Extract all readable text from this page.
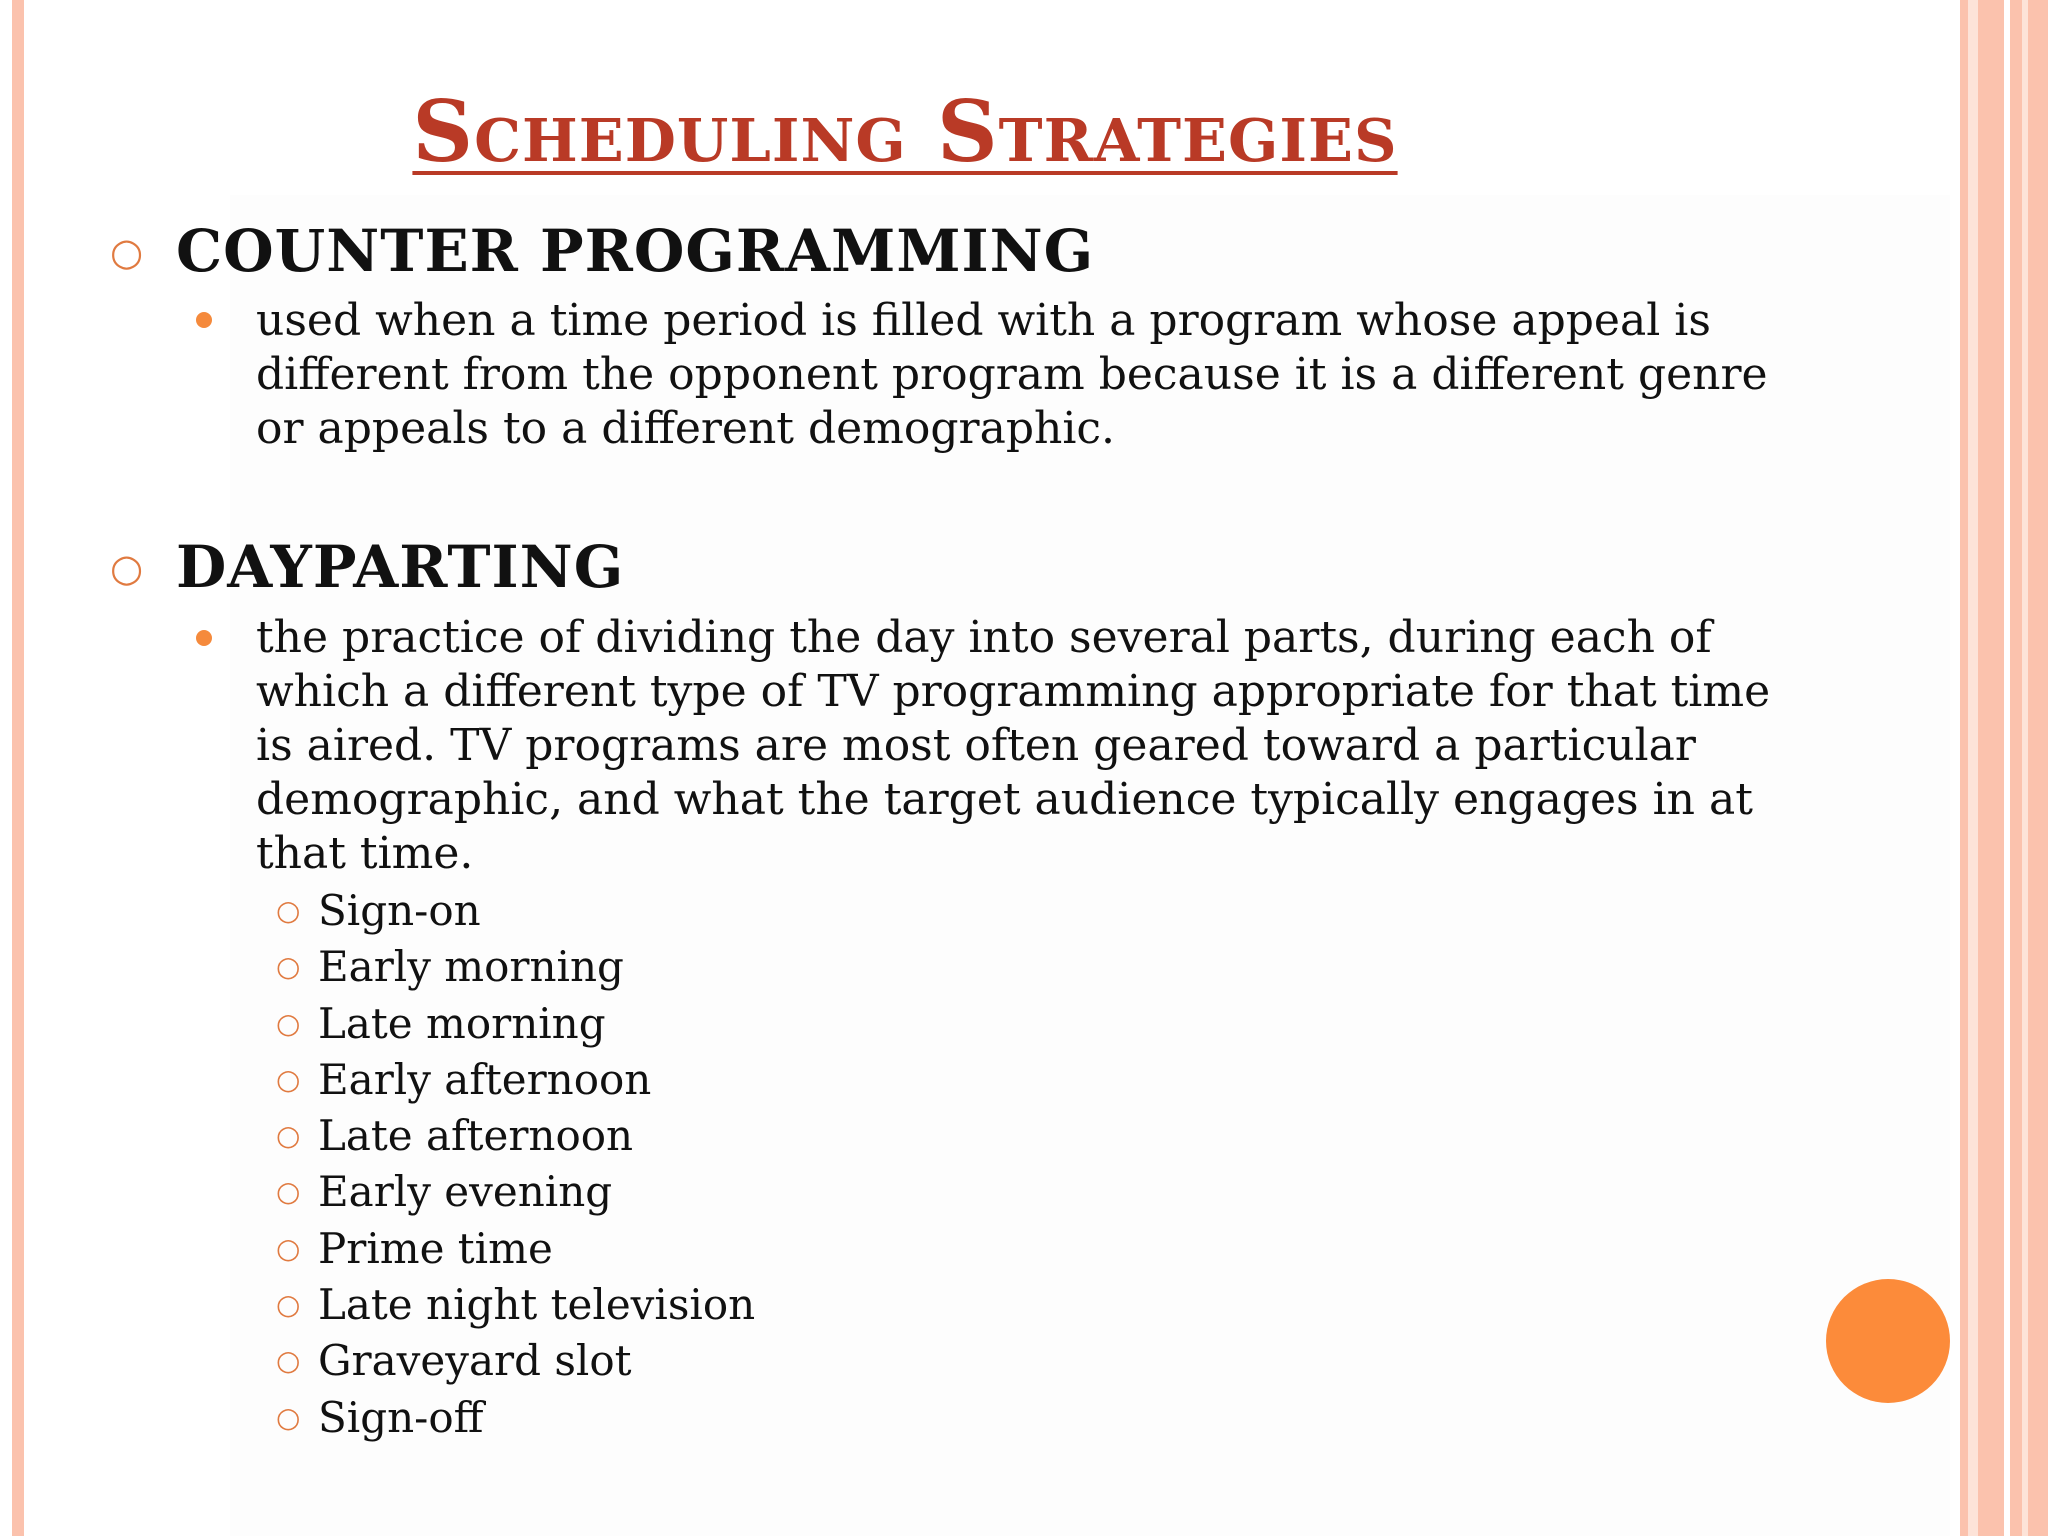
Scheduling Strategies
○ COUNTER PROGRAMMING
used when a time period is filled with a program whose appeal is different from the opponent program because it is a different genre or appeals to a different demographic.
○ DAYPARTING
the practice of dividing the day into several parts, during each of which a different type of TV programming appropriate for that time is aired. TV programs are most often geared toward a particular demographic, and what the target audience typically engages in at that time.
○ Sign-on
○ Early morning
○ Late morning
○ Early afternoon
○ Late afternoon
○ Early evening
○ Prime time
○ Late night television
○ Graveyard slot
○ Sign-off
